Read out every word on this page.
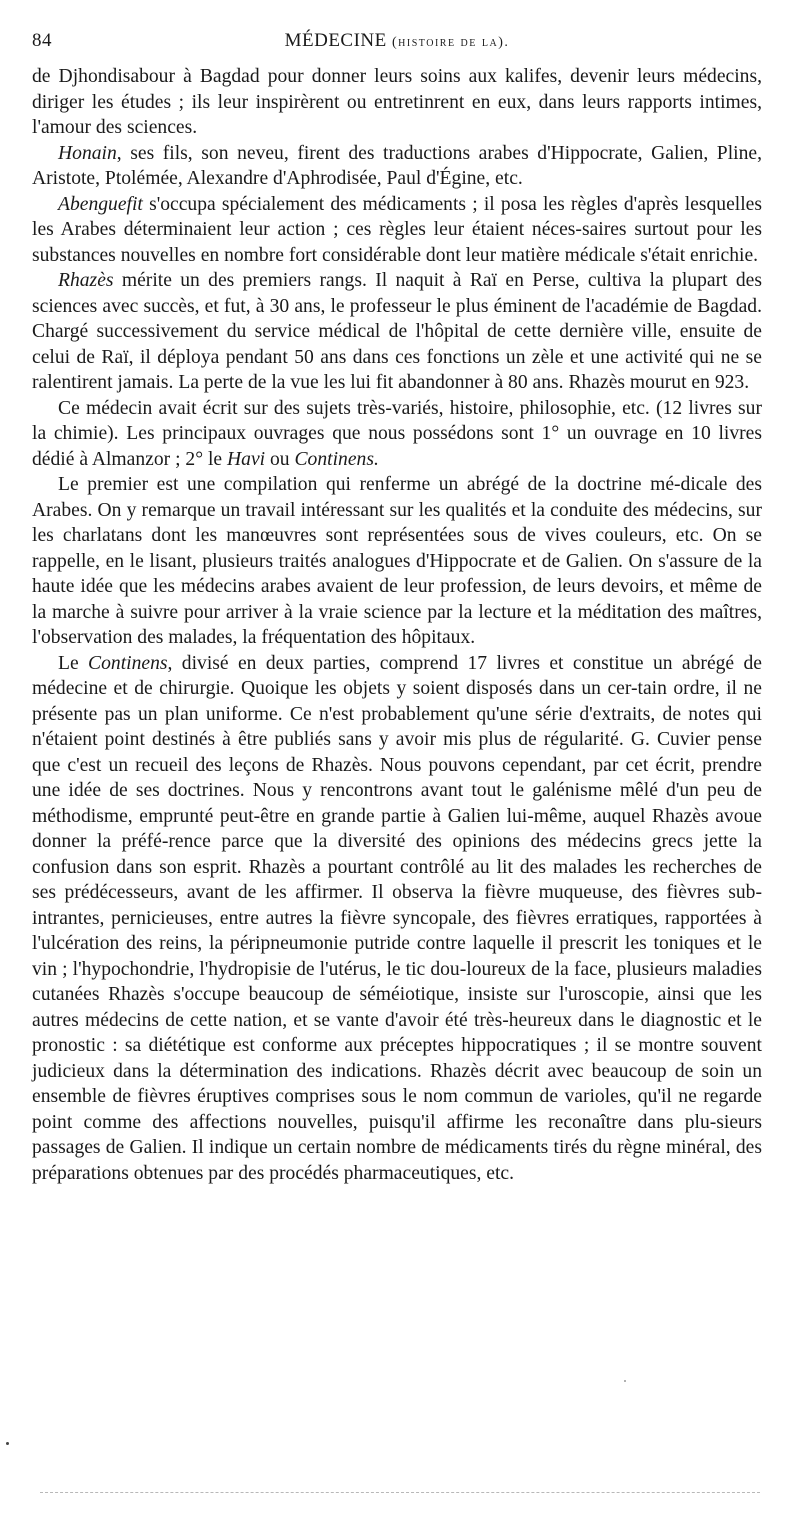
84	MÉDECINE (histoire de la).

de Djhondisabour à Bagdad pour donner leurs soins aux kalifes, devenir leurs médecins, diriger les études ; ils leur inspirèrent ou entretinrent en eux, dans leurs rapports intimes, l'amour des sciences.

Honain, ses fils, son neveu, firent des traductions arabes d'Hippocrate, Galien, Pline, Aristote, Ptolémée, Alexandre d'Aphrodisée, Paul d'Égine, etc.

Abenguefit s'occupa spécialement des médicaments ; il posa les règles d'après lesquelles les Arabes déterminaient leur action ; ces règles leur étaient néces-saires surtout pour les substances nouvelles en nombre fort considérable dont leur matière médicale s'était enrichie.

Rhazès mérite un des premiers rangs. Il naquit à Raï en Perse, cultiva la plupart des sciences avec succès, et fut, à 30 ans, le professeur le plus éminent de l'académie de Bagdad. Chargé successivement du service médical de l'hôpital de cette dernière ville, ensuite de celui de Raï, il déploya pendant 50 ans dans ces fonctions un zèle et une activité qui ne se ralentirent jamais. La perte de la vue les lui fit abandonner à 80 ans. Rhazès mourut en 923.

Ce médecin avait écrit sur des sujets très-variés, histoire, philosophie, etc. (12 livres sur la chimie). Les principaux ouvrages que nous possédons sont 1° un ouvrage en 10 livres dédié à Almanzor ; 2° le Havi ou Continens.

Le premier est une compilation qui renferme un abrégé de la doctrine mé-dicale des Arabes. On y remarque un travail intéressant sur les qualités et la conduite des médecins, sur les charlatans dont les manœuvres sont représentées sous de vives couleurs, etc. On se rappelle, en le lisant, plusieurs traités analogues d'Hippocrate et de Galien. On s'assure de la haute idée que les médecins arabes avaient de leur profession, de leurs devoirs, et même de la marche à suivre pour arriver à la vraie science par la lecture et la méditation des maîtres, l'observation des malades, la fréquentation des hôpitaux.

Le Continens, divisé en deux parties, comprend 17 livres et constitue un abrégé de médecine et de chirurgie. Quoique les objets y soient disposés dans un cer-tain ordre, il ne présente pas un plan uniforme. Ce n'est probablement qu'une série d'extraits, de notes qui n'étaient point destinés à être publiés sans y avoir mis plus de régularité. G. Cuvier pense que c'est un recueil des leçons de Rhazès. Nous pouvons cependant, par cet écrit, prendre une idée de ses doctrines. Nous y rencontrons avant tout le galénisme mêlé d'un peu de méthodisme, emprunté peut-être en grande partie à Galien lui-même, auquel Rhazès avoue donner la préfé-rence parce que la diversité des opinions des médecins grecs jette la confusion dans son esprit. Rhazès a pourtant contrôlé au lit des malades les recherches de ses prédécesseurs, avant de les affirmer. Il observa la fièvre muqueuse, des fièvres sub-intrantes, pernicieuses, entre autres la fièvre syncopale, des fièvres erratiques, rapportées à l'ulcération des reins, la péripneumonie putride contre laquelle il prescrit les toniques et le vin ; l'hypochondrie, l'hydropisie de l'utérus, le tic dou-loureux de la face, plusieurs maladies cutanées Rhazès s'occupe beaucoup de séméiotique, insiste sur l'uroscopie, ainsi que les autres médecins de cette nation, et se vante d'avoir été très-heureux dans le diagnostic et le pronostic : sa diététique est conforme aux préceptes hippocratiques ; il se montre souvent judicieux dans la détermination des indications. Rhazès décrit avec beaucoup de soin un ensemble de fièvres éruptives comprises sous le nom commun de varioles, qu'il ne regarde point comme des affections nouvelles, puisqu'il affirme les reconaître dans plu-sieurs passages de Galien. Il indique un certain nombre de médicaments tirés du règne minéral, des préparations obtenues par des procédés pharmaceutiques, etc.
